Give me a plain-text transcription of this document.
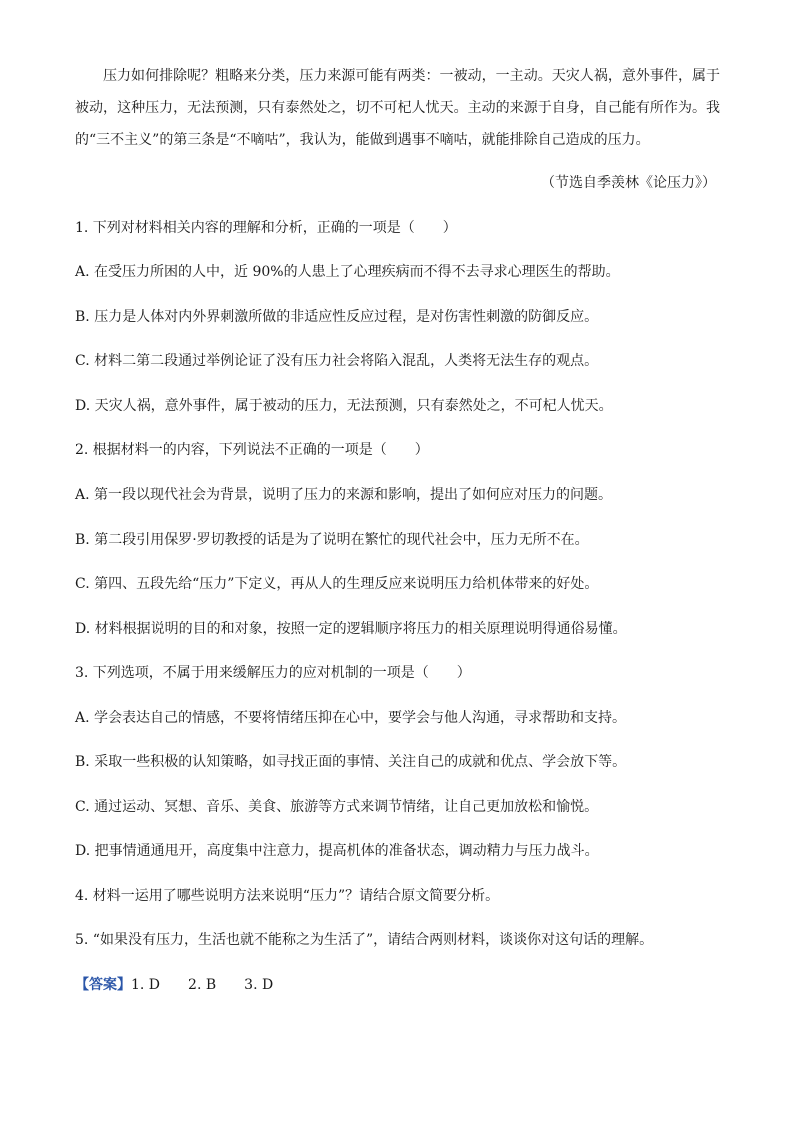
压力如何排除呢？粗略来分类，压力来源可能有两类：一被动，一主动。天灾人祸，意外事件，属于被动，这种压力，无法预测，只有泰然处之，切不可杞人忧天。主动的来源于自身，自己能有所作为。我的“三不主义”的第三条是“不嘀咕”，我认为，能做到遇事不嘀咕，就能排除自己造成的压力。

（节选自季羡林《论压力》）

1. 下列对材料相关内容的理解和分析，正确的一项是（　　）

A. 在受压力所困的人中，近 90%的人患上了心理疾病而不得不去寻求心理医生的帮助。

B. 压力是人体对内外界刺激所做的非适应性反应过程，是对伤害性刺激的防御反应。

C. 材料二第二段通过举例论证了没有压力社会将陷入混乱，人类将无法生存的观点。

D. 天灾人祸，意外事件，属于被动的压力，无法预测，只有泰然处之，不可杞人忧天。

2. 根据材料一的内容，下列说法不正确的一项是（　　）

A. 第一段以现代社会为背景，说明了压力的来源和影响，提出了如何应对压力的问题。

B. 第二段引用保罗·罗切教授的话是为了说明在繁忙的现代社会中，压力无所不在。

C. 第四、五段先给“压力”下定义，再从人的生理反应来说明压力给机体带来的好处。

D. 材料根据说明的目的和对象，按照一定的逻辑顺序将压力的相关原理说明得通俗易懂。

3. 下列选项，不属于用来缓解压力的应对机制的一项是（　　）

A. 学会表达自己的情感，不要将情绪压抑在心中，要学会与他人沟通，寻求帮助和支持。

B. 采取一些积极的认知策略，如寻找正面的事情、关注自己的成就和优点、学会放下等。

C. 通过运动、冥想、音乐、美食、旅游等方式来调节情绪，让自己更加放松和愉悦。

D. 把事情通通甩开，高度集中注意力，提高机体的准备状态，调动精力与压力战斗。

4. 材料一运用了哪些说明方法来说明“压力”？请结合原文简要分析。

5. “如果没有压力，生活也就不能称之为生活了”，请结合两则材料，谈谈你对这句话的理解。

【答案】1. D 2. B 3. D
